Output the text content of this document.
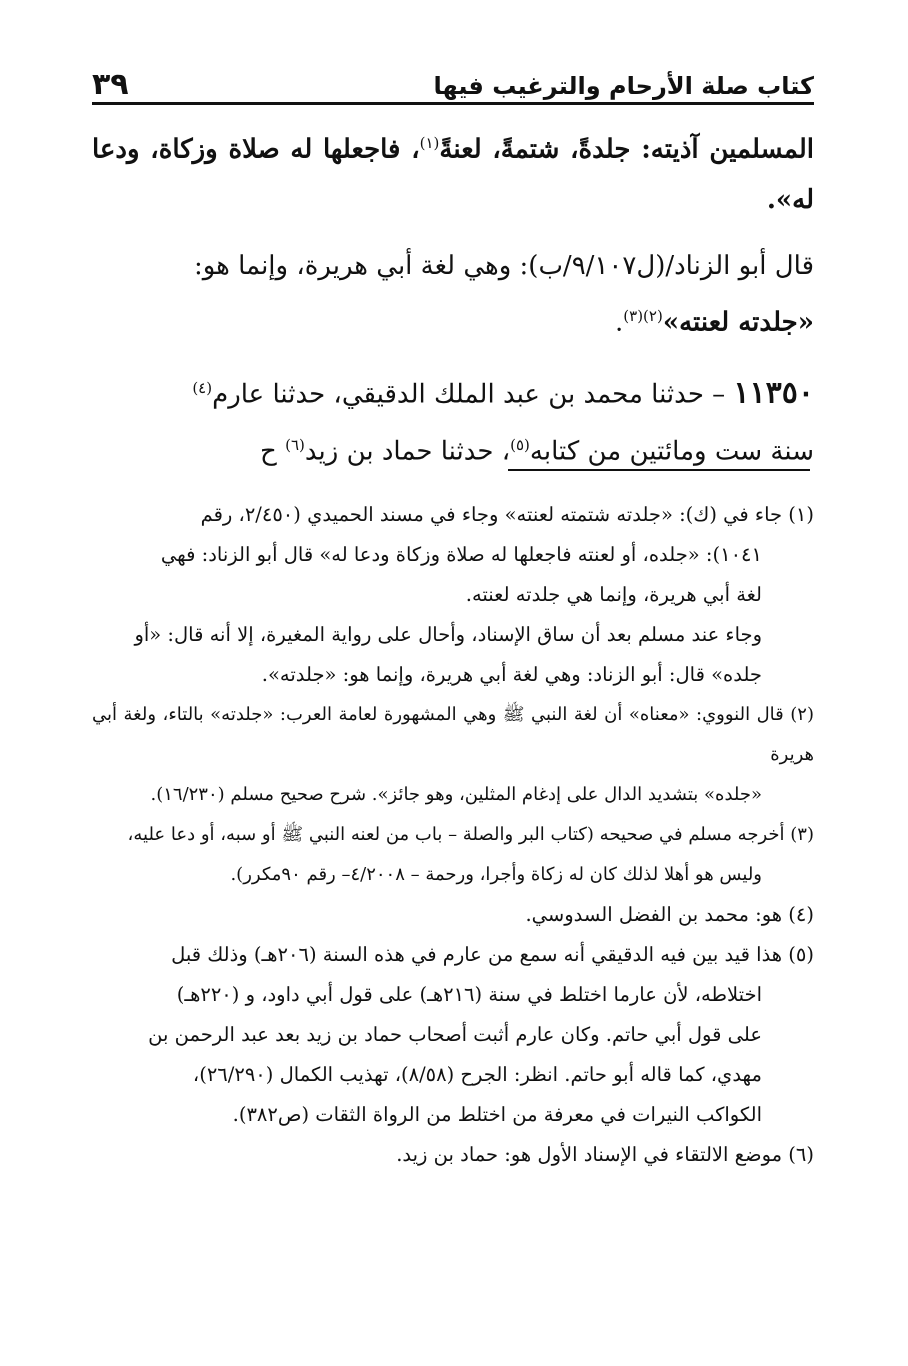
كتاب صلة الأرحام والترغيب فيها
٣٩

المسلمين آذيته: جلدةً، شتمةً، لعنةً$^{(١)}$، فاجعلها له صلاة وزكاة، ودعا له».

قال أبو الزناد/(ل٩/١٠٧/ب): وهي لغة أبي هريرة، وإنما هو:
«جلدته لعنته»$^{(٢)(٣)}$.

١١٣٥٠ – حدثنا محمد بن عبد الملك الدقيقي، حدثنا عارم$^{(٤)}$
سنة ست ومائتين من كتابه$^{(٥)}$، حدثنا حماد بن زيد$^{(٦)}$ ح

(١) جاء في (ك): «جلدته شتمته لعنته» وجاء في مسند الحميدي (٢/٤٥٠، رقم
١٠٤١): «جلده، أو لعنته فاجعلها له صلاة وزكاة ودعا له» قال أبو الزناد: فهي
لغة أبي هريرة، وإنما هي جلدته لعنته.
وجاء عند مسلم بعد أن ساق الإسناد، وأحال على رواية المغيرة، إلا أنه قال: «أو
جلده» قال: أبو الزناد: وهي لغة أبي هريرة، وإنما هو: «جلدته».
(٢) قال النووي: «معناه» أن لغة النبي ﷺ وهي المشهورة لعامة العرب: «جلدته» بالتاء، ولغة أبي هريرة
«جلده» بتشديد الدال على إدغام المثلين، وهو جائز». شرح صحيح مسلم (١٦/٢٣٠).
(٣) أخرجه مسلم في صحيحه (كتاب البر والصلة – باب من لعنه النبي ﷺ أو سبه، أو دعا عليه،
وليس هو أهلا لذلك كان له زكاة وأجرا، ورحمة – ٤/٢٠٠٨– رقم ٩٠مكرر).
(٤) هو: محمد بن الفضل السدوسي.
(٥) هذا قيد بين فيه الدقيقي أنه سمع من عارم في هذه السنة (٢٠٦هـ) وذلك قبل
اختلاطه، لأن عارما اختلط في سنة (٢١٦هـ) على قول أبي داود، و (٢٢٠هـ)
على قول أبي حاتم. وكان عارم أثبت أصحاب حماد بن زيد بعد عبد الرحمن بن
مهدي، كما قاله أبو حاتم. انظر: الجرح (٨/٥٨)، تهذيب الكمال (٢٦/٢٩٠)،
الكواكب النيرات في معرفة من اختلط من الرواة الثقات (ص٣٨٢).
(٦) موضع الالتقاء في الإسناد الأول هو: حماد بن زيد.
